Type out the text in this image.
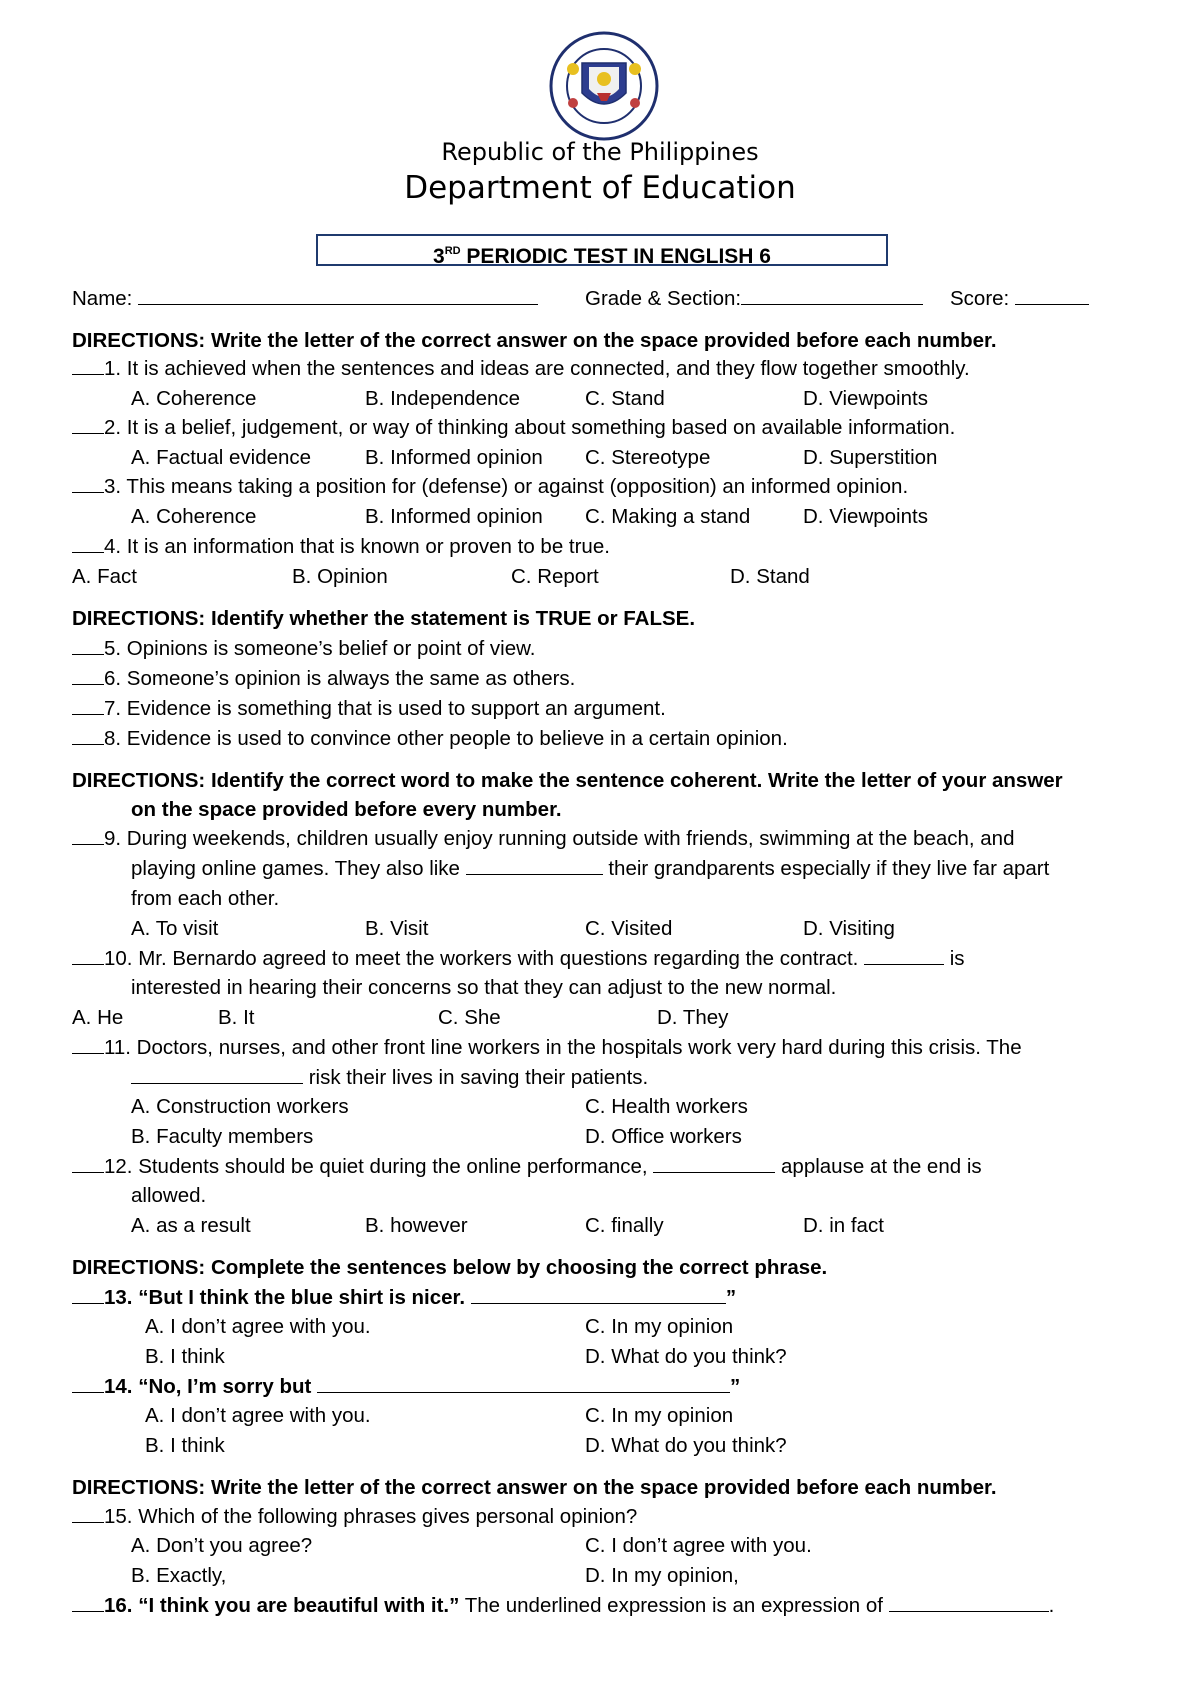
Republic of the Philippines
Department of Education
3RD PERIODIC TEST IN ENGLISH 6
Name:	Grade & Section:	Score:
DIRECTIONS: Write the letter of the correct answer on the space provided before each number.
1. It is achieved when the sentences and ideas are connected, and they flow together smoothly.
A. Coherence	B. Independence	C. Stand	D. Viewpoints
2. It is a belief, judgement, or way of thinking about something based on available information.
A. Factual evidence	B. Informed opinion C. Stereotype	D. Superstition
3. This means taking a position for (defense) or against (opposition) an informed opinion.
A. Coherence	B. Informed opinion C. Making a stand	D. Viewpoints
4. It is an information that is known or proven to be true.
A. Fact	B. Opinion	C. Report	D. Stand
DIRECTIONS: Identify whether the statement is TRUE or FALSE.
5. Opinions is someone’s belief or point of view.
6. Someone’s opinion is always the same as others.
7. Evidence is something that is used to support an argument.
8. Evidence is used to convince other people to believe in a certain opinion.
DIRECTIONS: Identify the correct word to make the sentence coherent. Write the letter of your answer
on the space provided before every number.
9. During weekends, children usually enjoy running outside with friends, swimming at the beach, and
playing online games. They also like	their grandparents especially if they live far apart
from each other.
A. To visit	B. Visit	C. Visited	D. Visiting
10. Mr. Bernardo agreed to meet the workers with questions regarding the contract.	is
interested in hearing their concerns so that they can adjust to the new normal.
A. He	B. It	C. She	D. They
11. Doctors, nurses, and other front line workers in the hospitals work very hard during this crisis. The
risk their lives in saving their patients.
A. Construction workers	C. Health workers
B. Faculty members	D. Office workers
12. Students should be quiet during the online performance,	applause at the end is
allowed.
A. as a result	B. however	C. finally	D. in fact
DIRECTIONS: Complete the sentences below by choosing the correct phrase.
13. “But I think the blue shirt is nicer.	”
A. I don’t agree with you.	C. In my opinion
B. I think	D. What do you think?
14. “No, I’m sorry but	”
A. I don’t agree with you.	C. In my opinion
B. I think	D. What do you think?
DIRECTIONS: Write the letter of the correct answer on the space provided before each number.
15. Which of the following phrases gives personal opinion?
A. Don’t you agree?	C. I don’t agree with you.
B. Exactly,	D. In my opinion,
16. “I think you are beautiful with it.” The underlined expression is an expression of	.
